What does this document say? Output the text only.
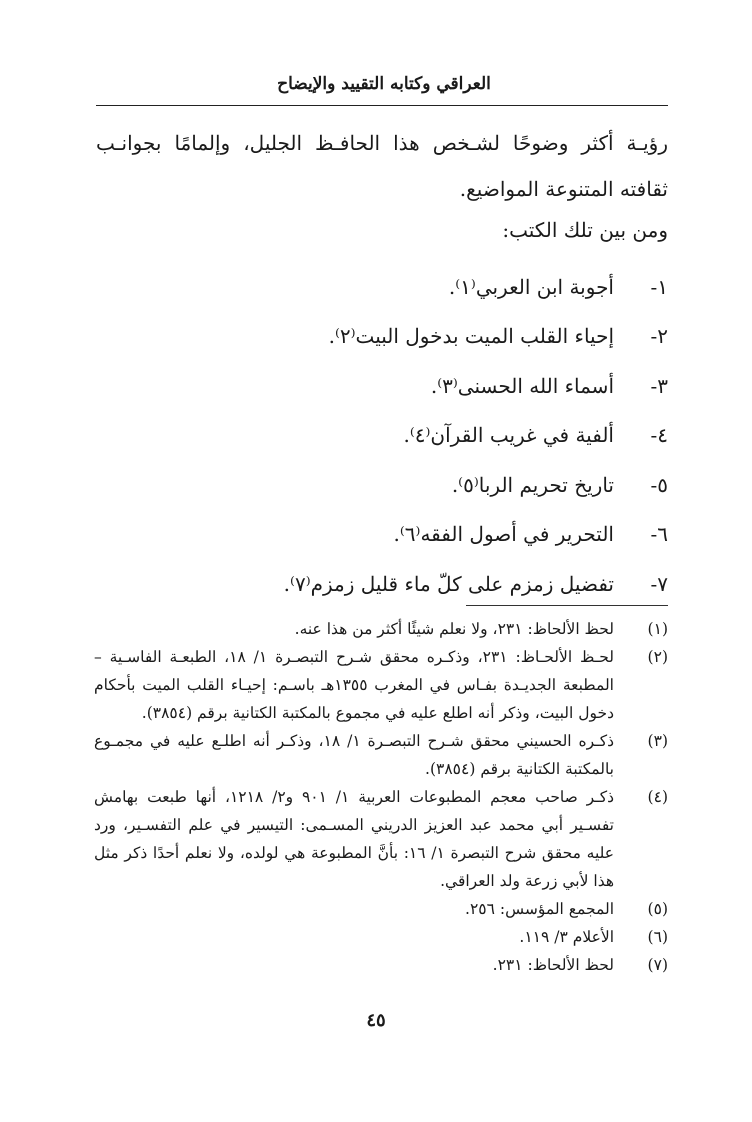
العراقي وكتابه التقييد والإيضاح
رؤيـة أكثر وضوحًا لشـخص هذا الحافـظ الجليل، وإلمامًا بجوانـب ثقافته المتنوعة المواضيع.
ومن بين تلك الكتب:
١-
أجوبة ابن العربي⁽١⁾.
٢-
إحياء القلب الميت بدخول البيت⁽٢⁾.
٣-
أسماء الله الحسنى⁽٣⁾.
٤-
ألفية في غريب القرآن⁽٤⁾.
٥-
تاريخ تحريم الربا⁽٥⁾.
٦-
التحرير في أصول الفقه⁽٦⁾.
٧-
تفضيل زمزم على كلّ ماء قليل زمزم⁽٧⁾.
(١)
لحظ الألحاظ: ٢٣١، ولا نعلم شيئًا أكثر من هذا عنه.
(٢)
لحـظ الألحـاظ: ٢٣١، وذكـره محقق شـرح التبصـرة ١/ ١٨، الطبعـة الفاسـية – المطبعة الجديـدة بفـاس في المغرب ١٣٥٥هـ باسـم: إحيـاء القلب الميت بأحكام دخول البيت، وذكر أنه اطلع عليه في مجموع بالمكتبة الكتانية برقم (٣٨٥٤).
(٣)
ذكـره الحسيني محقق شـرح التبصـرة ١/ ١٨، وذكـر أنه اطلـع عليه في مجمـوع بالمكتبة الكتانية برقم (٣٨٥٤).
(٤)
ذكـر صاحب معجم المطبوعات العربية ١/ ٩٠١ و٢/ ١٢١٨، أنها طبعت بهامش تفسـير أبي محمد عبد العزيز الدريني المسـمى: التيسير في علم التفسـير، ورد عليه محقق شرح التبصرة ١/ ١٦: بأنَّ المطبوعة هي لولده، ولا نعلم أحدًا ذكر مثل هذا لأبي زرعة ولد العراقي.
(٥)
المجمع المؤسس: ٢٥٦.
(٦)
الأعلام ٣/ ١١٩.
(٧)
لحظ الألحاظ: ٢٣١.
٤٥
